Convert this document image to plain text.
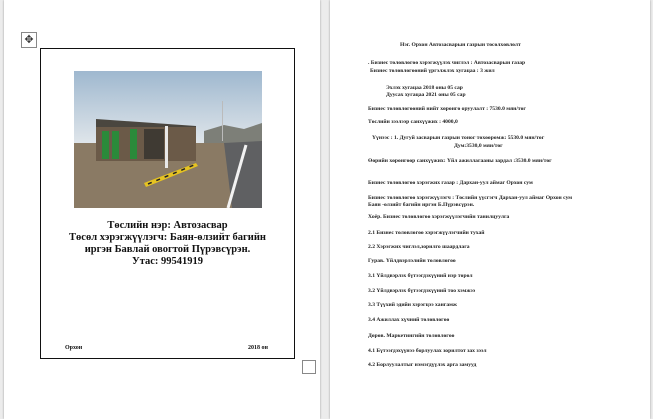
✥
Төслийн нэр: Автозасвар
Төсөл хэрэгжүүлэгч: Баян-өлзийт багийн
иргэн Бавлай овогтой Пүрэвсүрэн.
Утас: 99541919
Орхон	2018 он
Нэг. Орхон Автозасварын газрын төсөлхөвлөлт
. Бизнес төлөвлөгөө хэрэгжүүлэх чиглэл : Автозасварын газар
Бизнес төлөвлөгөөний үргэлжлэх хугацаа : 3 жил
Эхлэх хугацаа 2018 оны 05 сар
Дуусах хугацаа 2021 оны 05 сар
Бизнес төлөвлөгөөний нийт хөрөнгө оруулалт : 7530.0 мян/төг
Төслийн зээлээр санхүүжих : 4000,0
Үүнээс : 1. Дугуй засварын газрын тоног төхөөрөмж: 5530.0 мян/төг
Дум:3530,0 мян/төг
Өөрийн хөрөнгөөр санхүүжих: Үйл ажиллагааны зардал :3530.0 мян/төг
Бизнес төлөвлөгөө хэрэгжих газар : Дархан-уул аймаг Орхон сум
Бизнес төлөвлөгөө хэрэгжүүлэгч : Төслийн үүсгэгч Дархан-уул аймаг Орхон сум
Баян -өлзийт багийн иргэн Б.Пүрэвсүрэн.
Хоёр. Бизнес төлөвлөгөө хэрэгжүүлэгчийн танилцуулга
2.1 Бизнес төлөвлөгөө хэрэгжүүлэгчийн тухай
2.2 Хэрэгжих чиглэл,зорилго шаардлага
Гурав. Үйлдвэрлэлийн төлөвлөгөө
3.1 Үйлдвэрлэх бүтээгдэхүүний нэр төрөл
3.2 Үйлдвэрлэх бүтээгдэхүүний тоо хэмжээ
3.3 Түүхий эдийн хэрэгцээ хангамж
3.4 Ажиллах хүчний төлөвлөгөө
Дөрөв. Маркетингийн төлөвлөгөө
4.1 Бүтээгдэхүүнээ борлуулах зорилтот зах зээл
4.2 Борлуулалтыг нэмэгдүүлэх арга замууд
